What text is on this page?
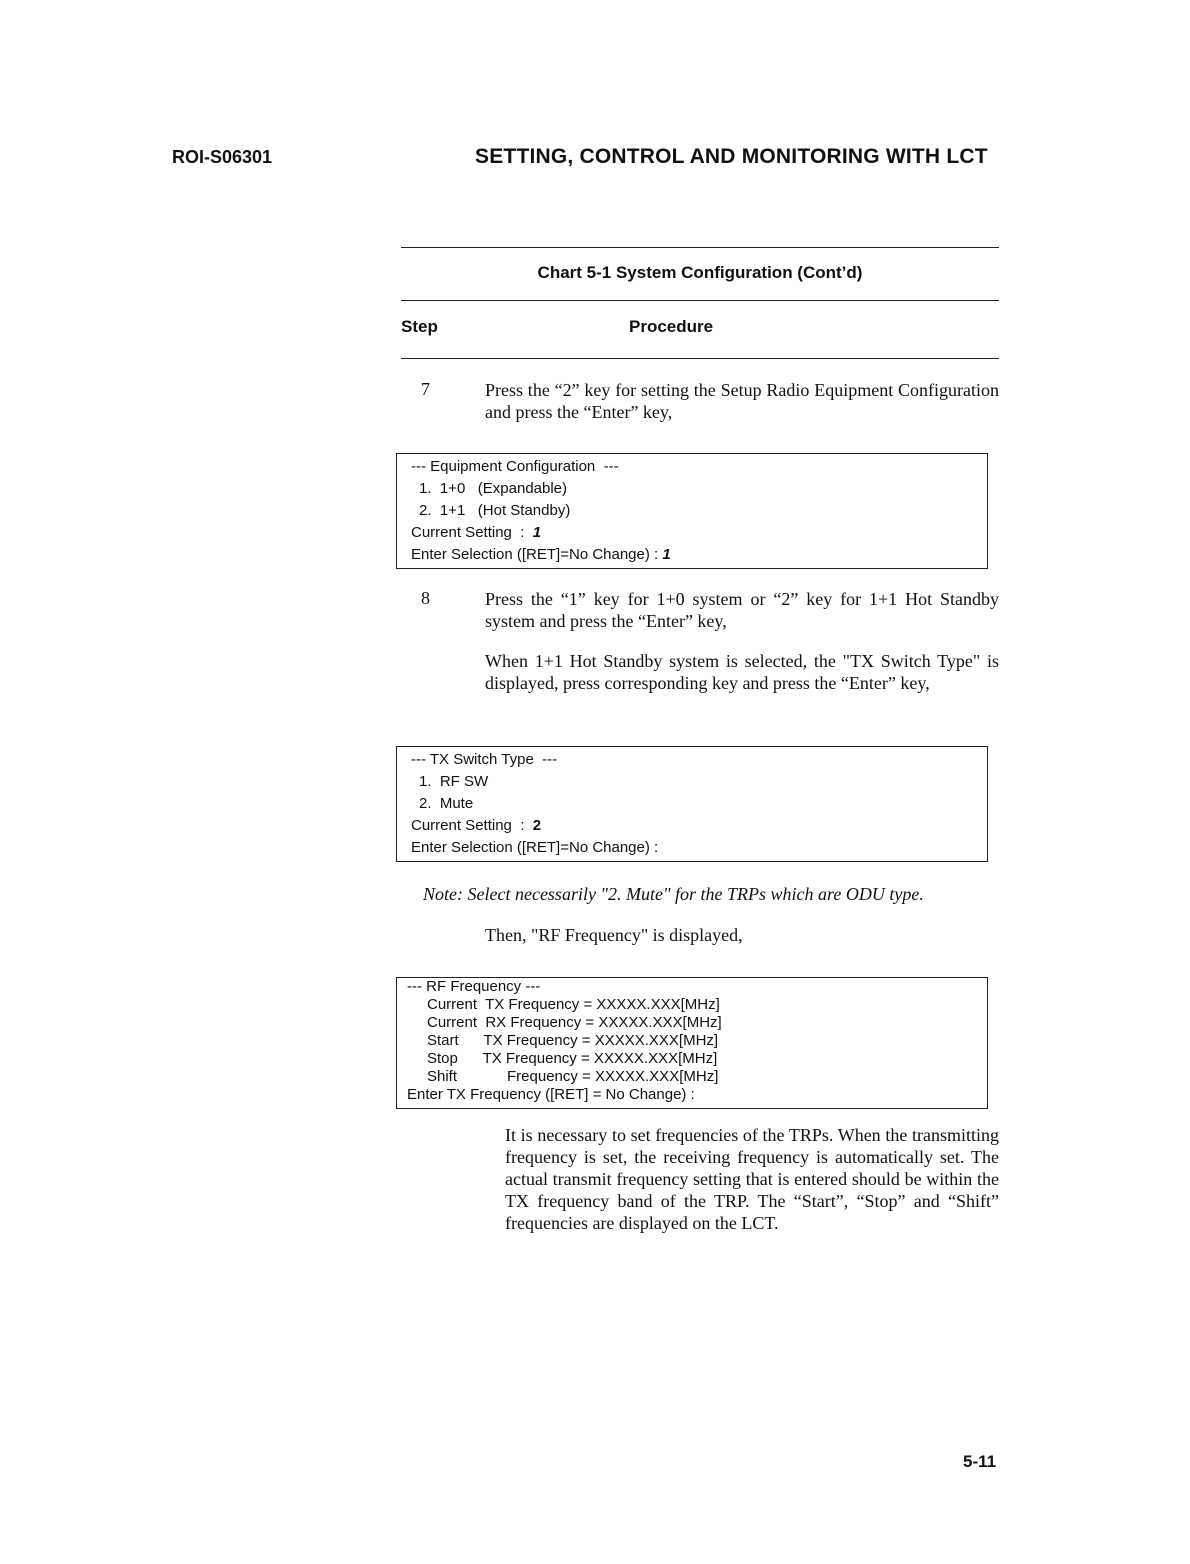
ROI-S06301	SETTING, CONTROL AND MONITORING WITH LCT
Chart 5-1 System Configuration (Cont’d)
Step	Procedure
7	Press the “2” key for setting the Setup Radio Equipment Configuration and press the “Enter” key,
--- Equipment Configuration  ---
1.  1+0   (Expandable)
2.  1+1   (Hot Standby)
Current Setting  :  1
Enter Selection ([RET]=No Change) : 1
8	Press the “1” key for 1+0 system or “2” key for 1+1 Hot Standby system and press the “Enter” key,
When 1+1 Hot Standby system is selected, the "TX Switch Type" is displayed, press corresponding key and press the “Enter” key,
--- TX Switch Type  ---
1.  RF SW
2.  Mute
Current Setting  :  2
Enter Selection ([RET]=No Change) :
Note: Select necessarily "2. Mute" for the TRPs which are ODU type.
Then, "RF Frequency" is displayed,
--- RF Frequency ---
Current  TX Frequency = XXXXX.XXX[MHz]
Current  RX Frequency = XXXXX.XXX[MHz]
Start      TX Frequency = XXXXX.XXX[MHz]
Stop      TX Frequency = XXXXX.XXX[MHz]
Shift            Frequency = XXXXX.XXX[MHz]
Enter TX Frequency ([RET] = No Change) :
It is necessary to set frequencies of the TRPs. When the transmitting frequency is set, the receiving frequency is automatically set. The actual transmit frequency setting that is entered should be within the TX frequency band of the TRP. The “Start”, “Stop” and “Shift” frequencies are displayed on the LCT.
5-11
